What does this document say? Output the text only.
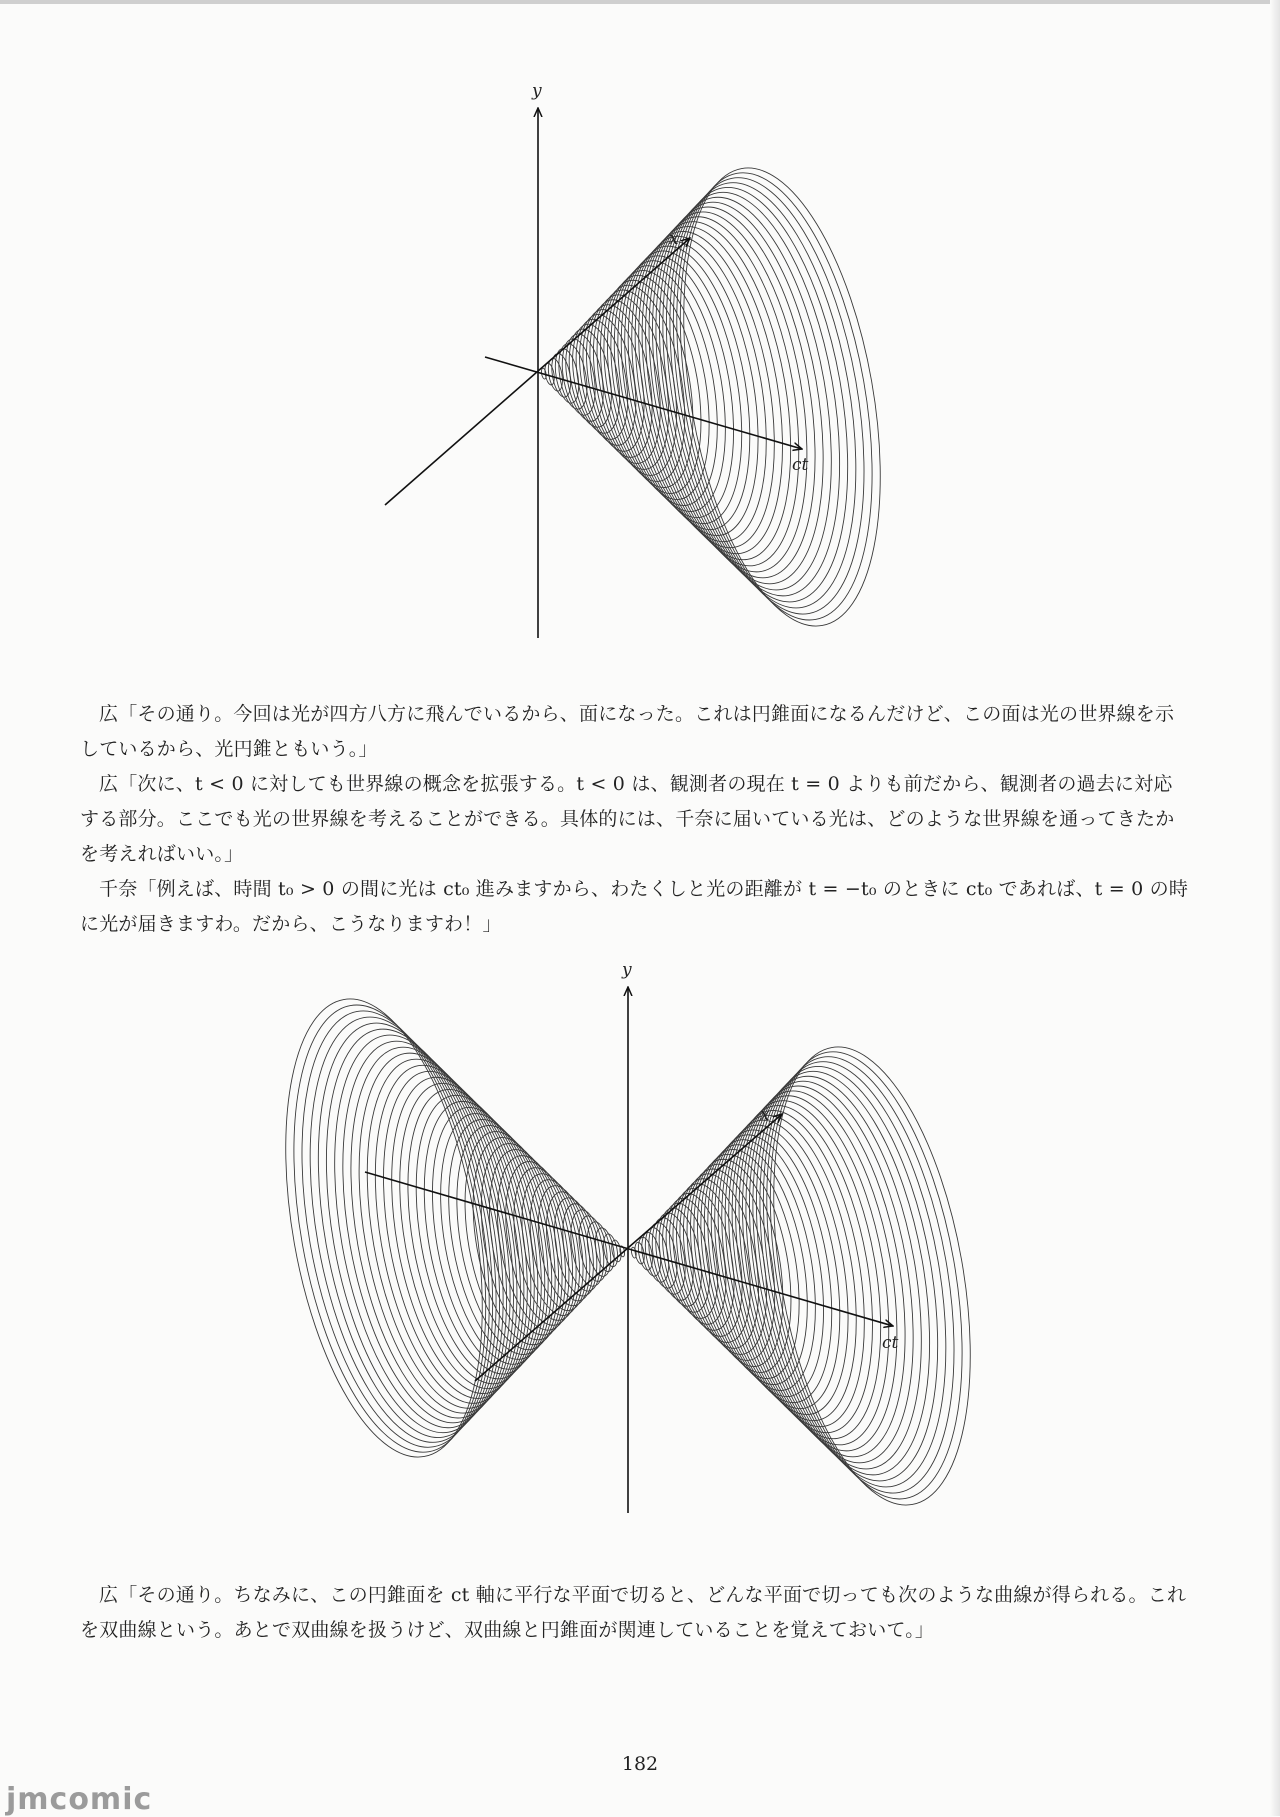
y
x
ct

広「その通り。今回は光が四方八方に飛んでいるから、面になった。これは円錐面になるんだけど、この面は光の世界線を示しているから、光円錐ともいう。」

広「次に、t < 0 に対しても世界線の概念を拡張する。t < 0 は、観測者の現在 t = 0 よりも前だから、観測者の過去に対応する部分。ここでも光の世界線を考えることができる。具体的には、千奈に届いている光は、どのような世界線を通ってきたかを考えればいい。」

千奈「例えば、時間 t₀ > 0 の間に光は ct₀ 進みますから、わたくしと光の距離が t = −t₀ のときに ct₀ であれば、t = 0 の時に光が届きますわ。だから、こうなりますわ！」

y
x
ct

広「その通り。ちなみに、この円錐面を ct 軸に平行な平面で切ると、どんな平面で切っても次のような曲線が得られる。これを双曲線という。あとで双曲線を扱うけど、双曲線と円錐面が関連していることを覚えておいて。」

182
jmcomic
